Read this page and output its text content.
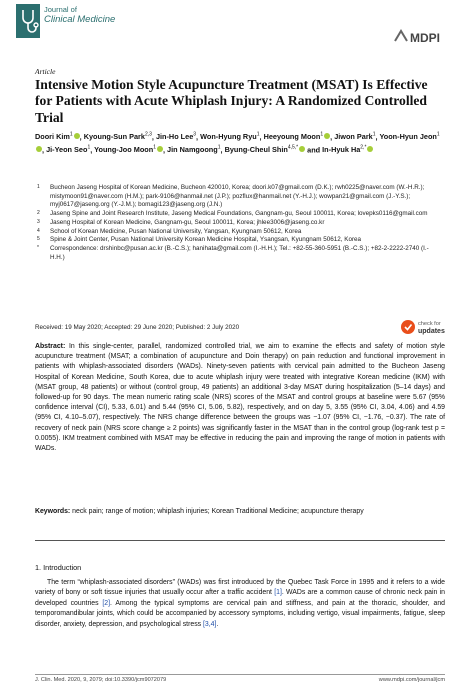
Journal of
Clinical Medicine
MDPI
Article
Intensive Motion Style Acupuncture Treatment (MSAT) Is Effective for Patients with Acute Whiplash Injury: A Randomized Controlled Trial
Doori Kim$^1$ , Kyoung-Sun Park$^{2,3}$, Jin-Ho Lee$^3$, Won-Hyung Ryu$^1$, Heeyoung Moon$^1$ , Jiwon Park$^1$, Yoon-Hyun Jeon$^1$, Ji-Yeon Seo$^1$, Young-Joo Moon$^1$ , Jin Namgoong$^1$, Byung-Cheul Shin$^{4,5,*}$ and In-Hyuk $Ha^{2,*}$
1 Bucheon Jaseng Hospital of Korean Medicine, Bucheon 420010, Korea; doori.k07@gmail.com (D.K.); rwh0225@naver.com (W.-H.R.); mistymoon91@naver.com (H.M.); park-9106@hanmail.net (J.P.); pozflux@hanmail.net (Y.-H.J.); wowpan21@gmail.com (J.-Y.S.); myj0617@jaseng.org (Y.-J.M.); bomagi123@jaseng.org (J.N.)
2 Jaseng Spine and Joint Research Institute, Jaseng Medical Foundations, Gangnam-gu, Seoul 100011, Korea; lovepks0116@gmail.com
3 Jaseng Hospital of Korean Medicine, Gangnam-gu, Seoul 100011, Korea; jhlee3006@jaseng.co.kr
4 School of Korean Medicine, Pusan National University, Yangsan, Kyungnam 50612, Korea
5 Spine & Joint Center, Pusan National University Korean Medicine Hospital, Ysangsan, Kyungnam 50612, Korea
* Correspondence: drshinbc@pusan.ac.kr (B.-C.S.); hanihata@gmail.com (I.-H.H.); Tel.: +82-55-360-5951 (B.-C.S.); +82-2-2222-2740 (I.-H.H.)
Received: 19 May 2020; Accepted: 29 June 2020; Published: 2 July 2020	check for
updates
Abstract: In this single-center, parallel, randomized controlled trial, we aim to examine the effects and safety of motion style acupuncture treatment (MSAT; a combination of acupuncture and Doin therapy) on pain reduction and functional improvement in patients with whiplash-associated disorders (WADs). Ninety-seven patients with cervical pain admitted to the Bucheon Jaseng Hospital of Korean Medicine, South Korea, due to acute whiplash injury were treated with integrative Korean medicine (IKM) with (MSAT group, 48 patients) or without (control group, 49 patients) an additional 3-day MSAT during hospitalization (5–14 days) and followed-up for 90 days. The mean numeric rating scale (NRS) scores of the MSAT and control groups at baseline were 5.67 (95% confidence interval (CI), 5.33, 6.01) and 5.44 (95% CI, 5.06, 5.82), respectively, and on day 5, 3.55 (95% CI, 3.04, 4.06) and 4.59 (95% CI, 4.10–5.07), respectively. The NRS change difference between the groups was −1.07 (95% CI, −1.76, −0.37). The rate of recovery of neck pain (NRS score change ≥ 2 points) was significantly faster in the MSAT than in the control group (log-rank test p = 0.0055). IKM treatment combined with MSAT may be effective in reducing the pain and improving the range of motion in patients with WADs.
Keywords: neck pain; range of motion; whiplash injuries; Korean Traditional Medicine; acupuncture therapy
1. Introduction
The term “whiplash-associated disorders” (WADs) was first introduced by the Quebec Task Force in 1995 and it refers to a wide variety of bony or soft tissue injuries that usually occur after a traffic accident [1]. WADs are a common cause of chronic neck pain in developed countries [2]. Among the typical symptoms are cervical pain and stiffness, and pain at the thoracic, shoulder, and temporomandibular joints, which could be accompanied by accessory symptoms, including vertigo, visual impairments, fatigue, sleep disorder, anxiety, depression, and psychological stress [3,4].
J. Clin. Med. 2020, 9, 2079; doi:10.3390/jcm9072079	www.mdpi.com/journal/jcm
